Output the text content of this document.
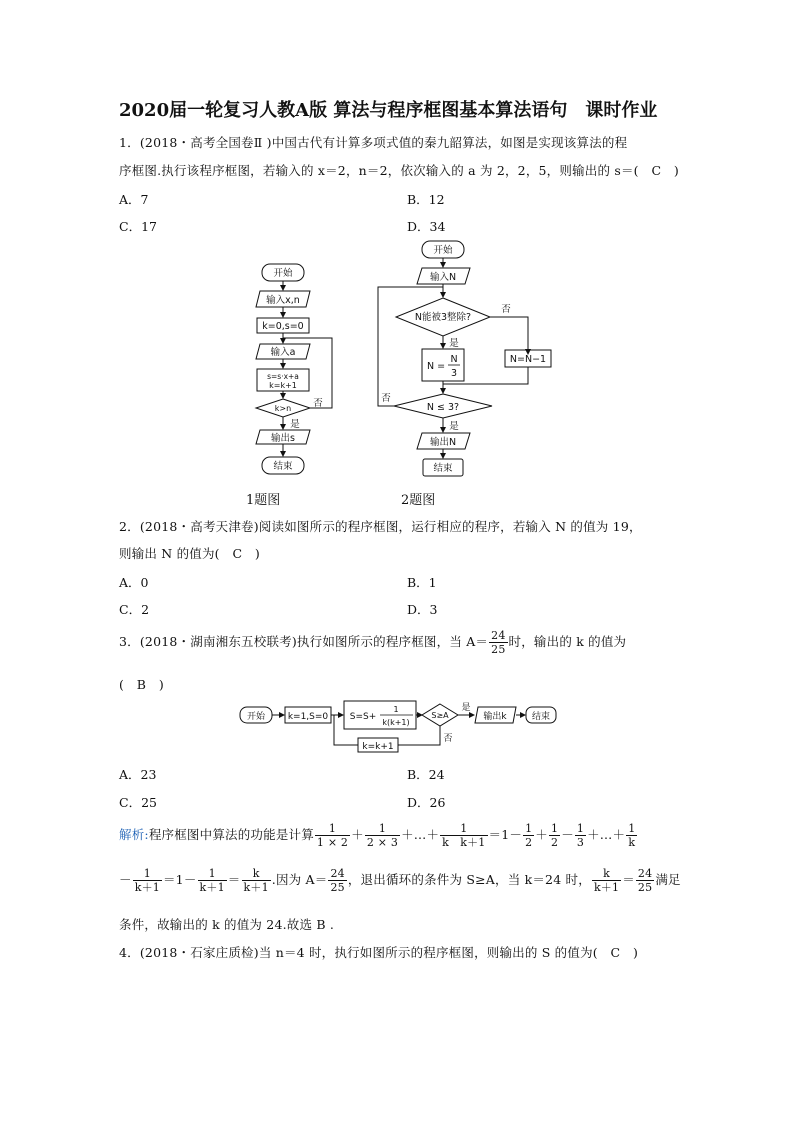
2020届一轮复习人教A版 算法与程序框图基本算法语句　课时作业
1．(2018・高考全国卷Ⅱ )中国古代有计算多项式值的秦九韶算法，如图是实现该算法的程
序框图.执行该程序框图，若输入的 x＝2，n＝2，依次输入的 a 为 2，2，5，则输出的 s＝(　C　)
A．7	B．12
C．17	D．34
开始
输入x,n
k=0,s=0
输入a
s=s·x+a
k=k+1
k>n 否
是
输出s
结束
开始
输入N
N能被3整除?
否
是
N =
N
3
N=N−1
N ≤ 3?
否
是
输出N
结束
1题图	2题图
2．(2018・高考天津卷)阅读如图所示的程序框图，运行相应的程序，若输入 N 的值为 19，
则输出 N 的值为(　C　)
A．0	B．1
C．2	D．3
3．(2018・湖南湘东五校联考)执行如图所示的程序框图，当 $A= \frac{24}{25}$ 时，输出的 k 的值为
(　B　)
开始	k=1,S=0 S=S+
1
k(k+1)
S≥A
是
否
输出k	结束
k=k+1
A．23	B．24
C．25	D．26
解析:程序框图中算法的功能是计算 $\frac{1}{1 \times 2} + \frac{1}{2 \times 3}$ ＋…＋ $\frac{1}{\text{k　k＋1}} =1- \frac{1}{2} + \frac{1}{2} - \frac{1}{3}$ ＋…＋ $\frac{1}{k}$
－ $\frac{1}{k+1} =1- \frac{1}{k+1} = \frac{k}{k+1}$ .因为 $A= \frac{24}{25}$ ，退出循环的条件为 S≥A，当 k＝24 时， $\frac{k}{k+1} = \frac{24}{25}$ 满足
条件，故输出的 k 的值为 24.故选 B .
4．(2018・石家庄质检)当 n＝4 时，执行如图所示的程序框图，则输出的 S 的值为(　C　)
